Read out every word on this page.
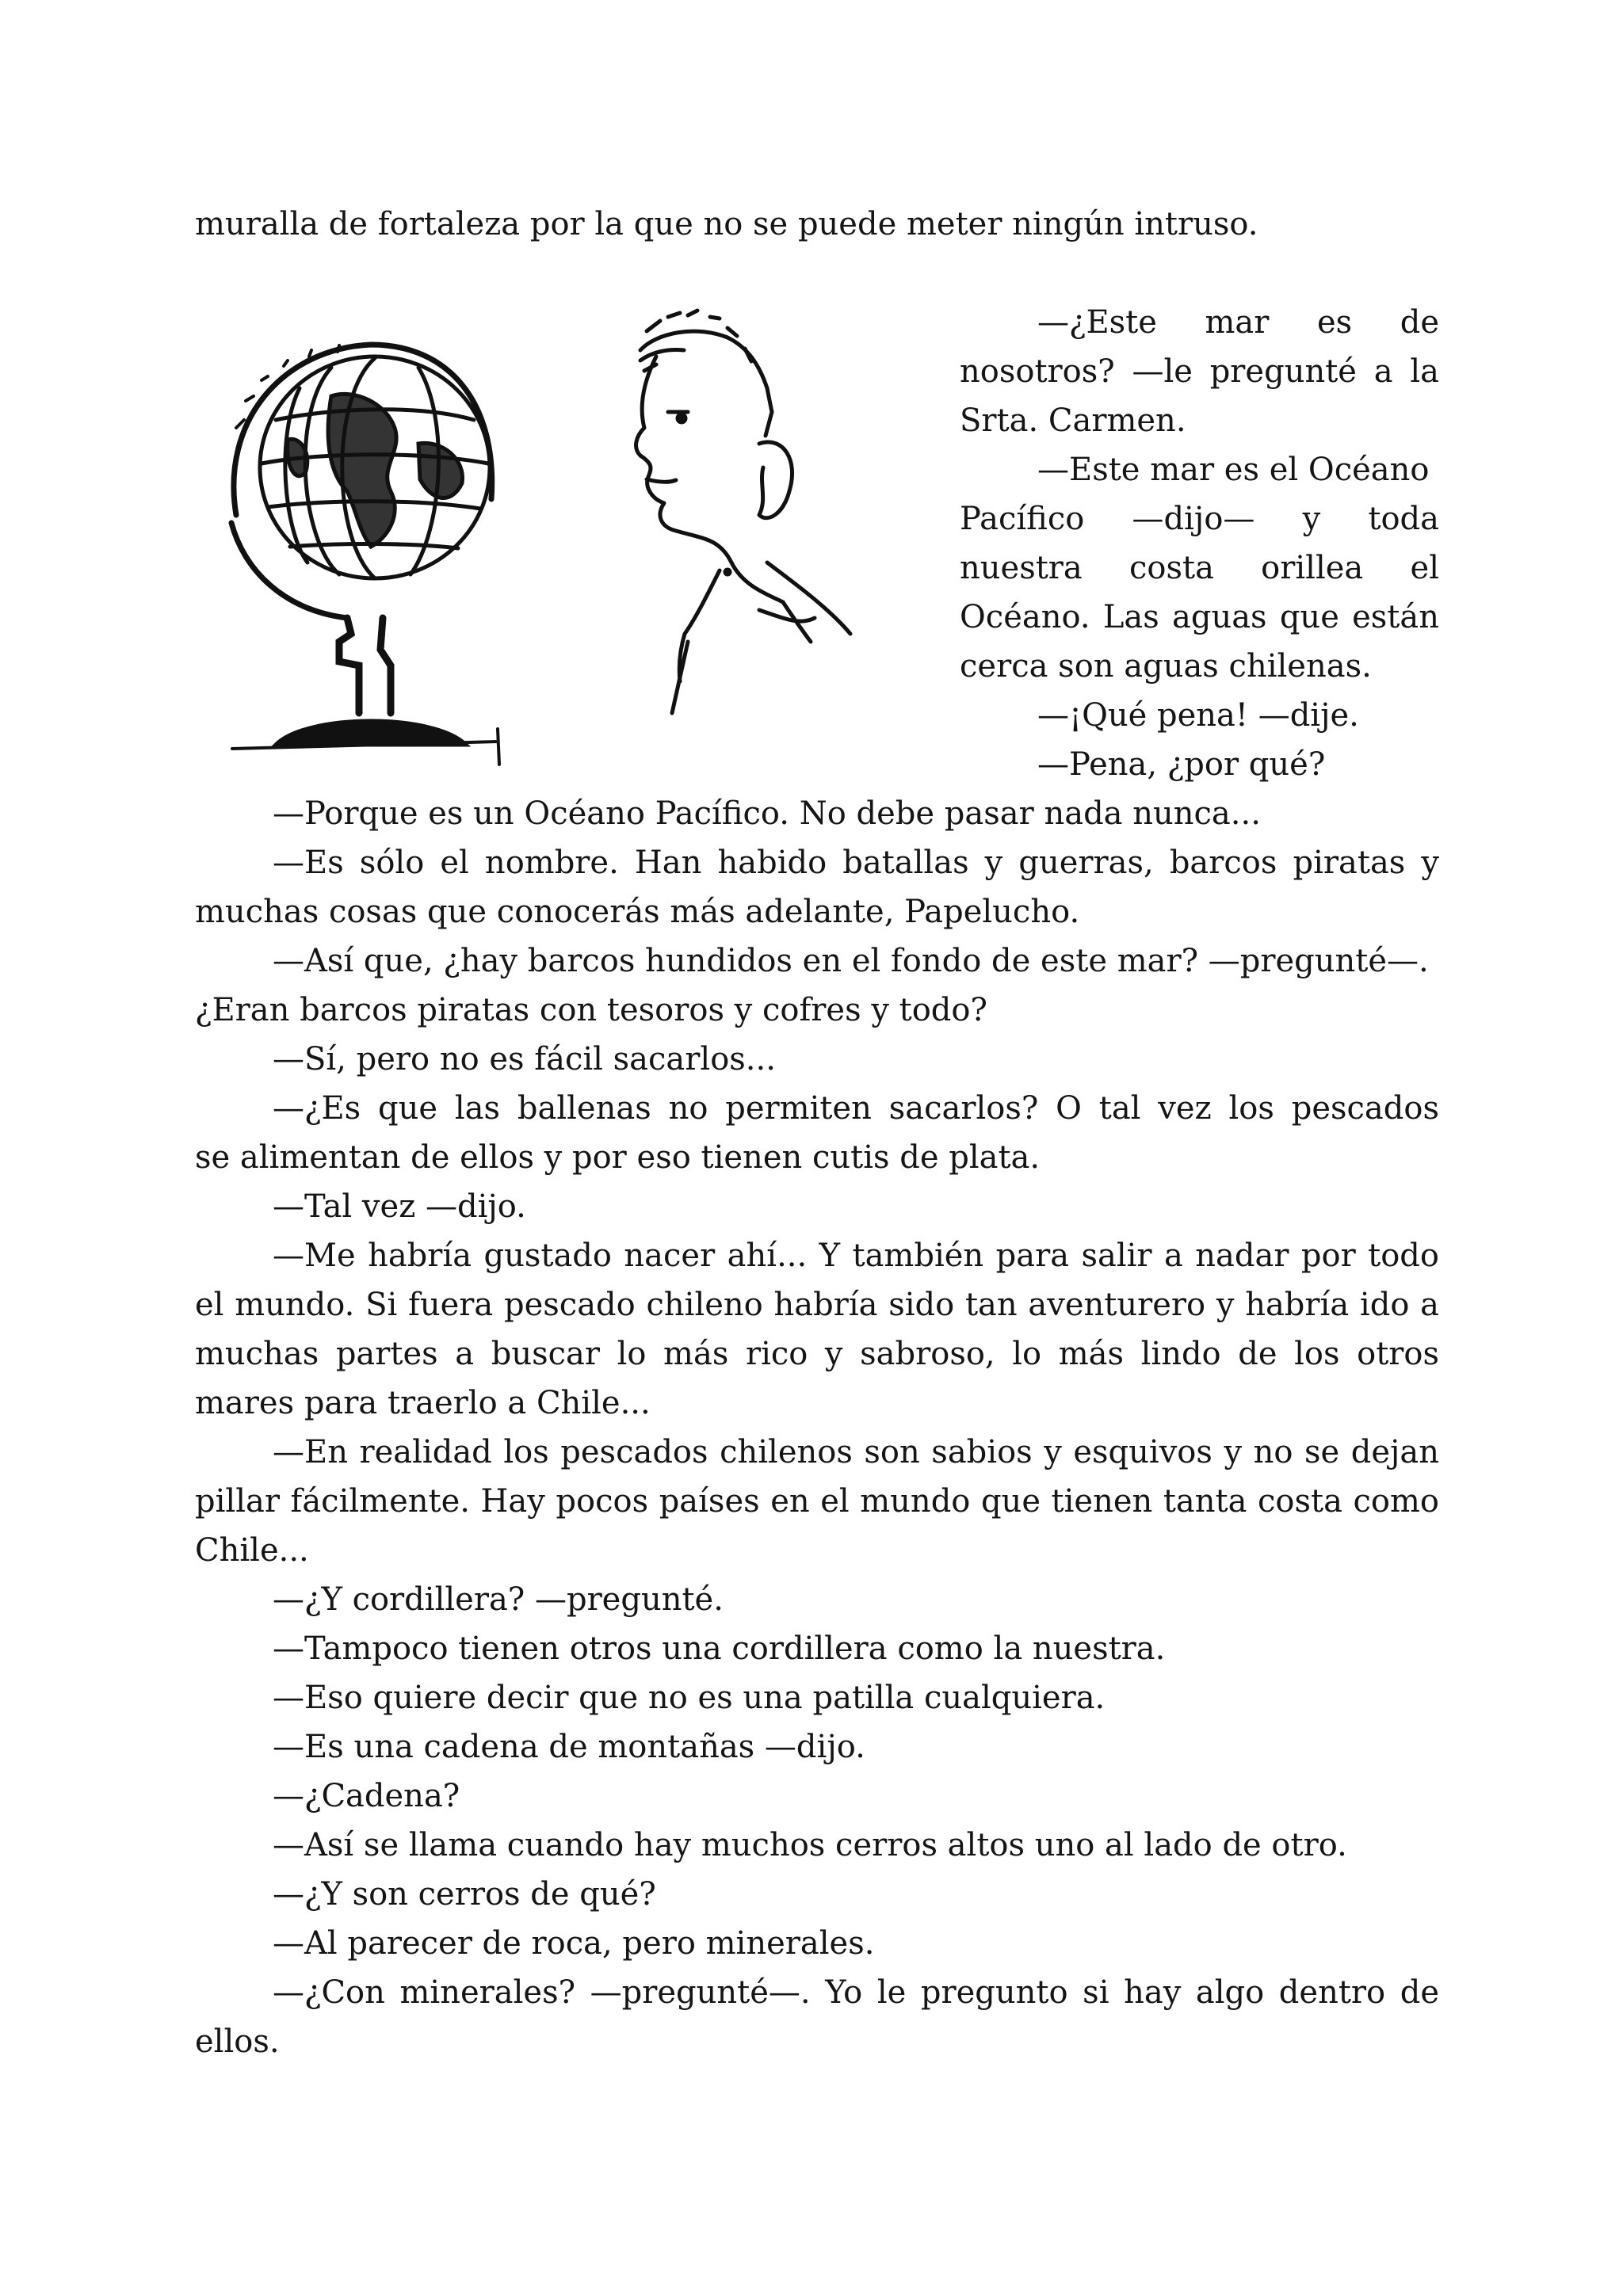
muralla de fortaleza por la que no se puede meter ningún intruso.
—¿Este mar es de
nosotros? —le pregunté a la
Srta. Carmen.
—Este mar es el Océano
Pacífico —dijo— y toda
nuestra costa orillea el
Océano. Las aguas que están
cerca son aguas chilenas.
—¡Qué pena! —dije.
—Pena, ¿por qué?
—Porque es un Océano Pacífico. No debe pasar nada nunca...
—Es sólo el nombre. Han habido batallas y guerras, barcos piratas y
muchas cosas que conocerás más adelante, Papelucho.
—Así que, ¿hay barcos hundidos en el fondo de este mar? —pregunté—.
¿Eran barcos piratas con tesoros y cofres y todo?
—Sí, pero no es fácil sacarlos...
—¿Es que las ballenas no permiten sacarlos? O tal vez los pescados
se alimentan de ellos y por eso tienen cutis de plata.
—Tal vez —dijo.
—Me habría gustado nacer ahí... Y también para salir a nadar por todo
el mundo. Si fuera pescado chileno habría sido tan aventurero y habría ido a
muchas partes a buscar lo más rico y sabroso, lo más lindo de los otros
mares para traerlo a Chile...
—En realidad los pescados chilenos son sabios y esquivos y no se dejan
pillar fácilmente. Hay pocos países en el mundo que tienen tanta costa como
Chile...
—¿Y cordillera? —pregunté.
—Tampoco tienen otros una cordillera como la nuestra.
—Eso quiere decir que no es una patilla cualquiera.
—Es una cadena de montañas —dijo.
—¿Cadena?
—Así se llama cuando hay muchos cerros altos uno al lado de otro.
—¿Y son cerros de qué?
—Al parecer de roca, pero minerales.
—¿Con minerales? —pregunté—. Yo le pregunto si hay algo dentro de
ellos.
